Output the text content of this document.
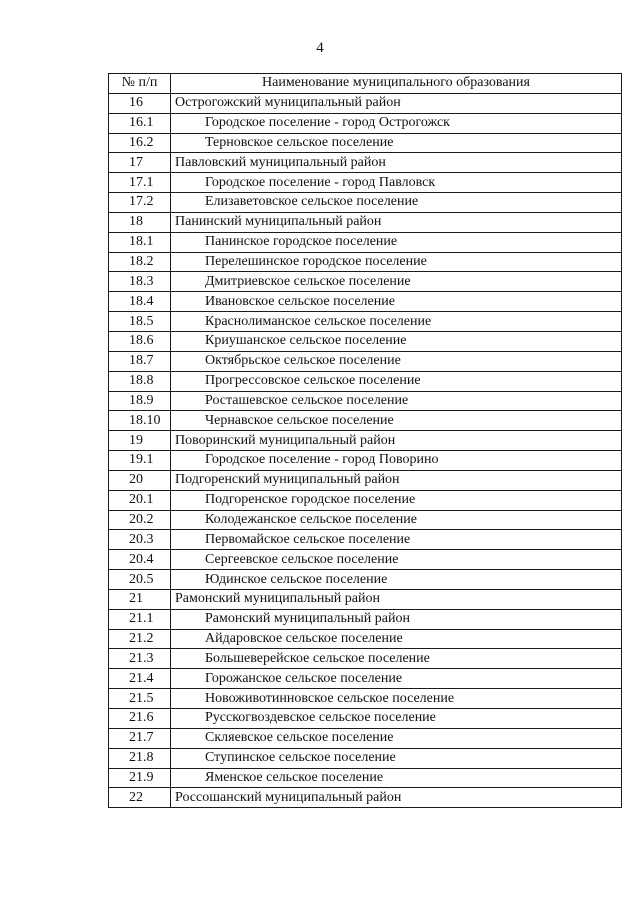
4
№ п/п	Наименование муниципального образования
16	Острогожский муниципальный район
16.1	Городское поселение - город Острогожск
16.2	Терновское сельское поселение
17	Павловский муниципальный район
17.1	Городское поселение - город Павловск
17.2	Елизаветовское сельское поселение
18	Панинский муниципальный район
18.1	Панинское городское поселение
18.2	Перелешинское городское поселение
18.3	Дмитриевское сельское поселение
18.4	Ивановское сельское поселение
18.5	Краснолиманское сельское поселение
18.6	Криушанское сельское поселение
18.7	Октябрьское сельское поселение
18.8	Прогрессовское сельское поселение
18.9	Росташевское сельское поселение
18.10	Чернавское сельское поселение
19	Поворинский муниципальный район
19.1	Городское поселение - город Поворино
20	Подгоренский муниципальный район
20.1	Подгоренское городское поселение
20.2	Колодежанское сельское поселение
20.3	Первомайское сельское поселение
20.4	Сергеевское сельское поселение
20.5	Юдинское сельское поселение
21	Рамонский муниципальный район
21.1	Рамонский муниципальный район
21.2	Айдаровское сельское поселение
21.3	Большеверейское сельское поселение
21.4	Горожанское сельское поселение
21.5	Новоживотинновское сельское поселение
21.6	Русскогвоздевское сельское поселение
21.7	Скляевское сельское поселение
21.8	Ступинское сельское поселение
21.9	Яменское сельское поселение
22	Россошанский муниципальный район
